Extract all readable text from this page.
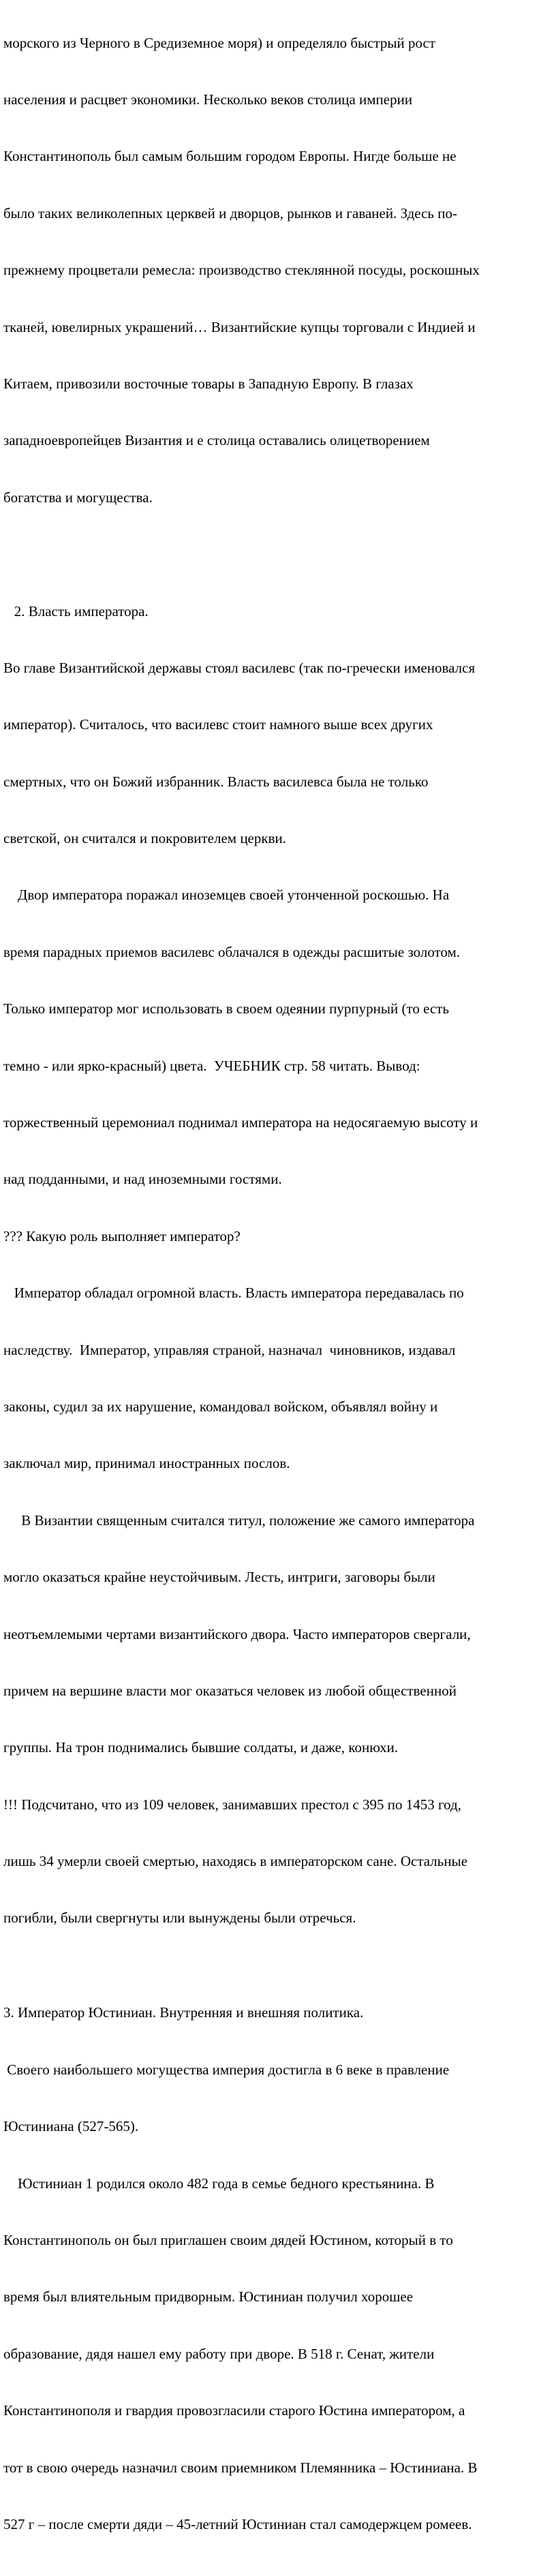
морского из Черного в Средиземное моря) и определяло быстрый рост

населения и расцвет экономики. Несколько веков столица империи

Константинополь был самым большим городом Европы. Нигде больше не

было таких великолепных церквей и дворцов, рынков и гаваней. Здесь по-

прежнему процветали ремесла: производство стеклянной посуды, роскошных

тканей, ювелирных украшений… Византийские купцы торговали с Индией и

Китаем, привозили восточные товары в Западную Европу. В глазах

западноевропейцев Византия и е столица оставались олицетворением

богатства и могущества.

2. Власть императора.

Во главе Византийской державы стоял василевс (так по-гречески именовался

император). Считалось, что василевс стоит намного выше всех других

смертных, что он Божий избранник. Власть василевса была не только

светской, он считался и покровителем церкви.

Двор императора поражал иноземцев своей утонченной роскошью. На

время парадных приемов василевс облачался в одежды расшитые золотом.

Только император мог использовать в своем одеянии пурпурный (то есть

темно - или ярко-красный) цвета.  УЧЕБНИК стр. 58 читать. Вывод:

торжественный церемониал поднимал императора на недосягаемую высоту и

над подданными, и над иноземными гостями.

??? Какую роль выполняет император?

Император обладал огромной власть. Власть императора передавалась по

наследству.  Император, управляя страной, назначал  чиновников, издавал

законы, судил за их нарушение, командовал войском, объявлял войну и

заключал мир, принимал иностранных послов.

В Византии священным считался титул, положение же самого императора

могло оказаться крайне неустойчивым. Лесть, интриги, заговоры были

неотъемлемыми чертами византийского двора. Часто императоров свергали,

причем на вершине власти мог оказаться человек из любой общественной

группы. На трон поднимались бывшие солдаты, и даже, конюхи.

!!! Подсчитано, что из 109 человек, занимавших престол с 395 по 1453 год,

лишь 34 умерли своей смертью, находясь в императорском сане. Остальные

погибли, были свергнуты или вынуждены были отречься.

3. Император Юстиниан. Внутренняя и внешняя политика.

Своего наибольшего могущества империя достигла в 6 веке в правление

Юстиниана (527-565).

Юстиниан 1 родился около 482 года в семье бедного крестьянина. В

Константинополь он был приглашен своим дядей Юстином, который в то

время был влиятельным придворным. Юстиниан получил хорошее

образование, дядя нашел ему работу при дворе. В 518 г. Сенат, жители

Константинополя и гвардия провозгласили старого Юстина императором, а

тот в свою очередь назначил своим приемником Племянника – Юстиниана. В

527 г – после смерти дяди – 45-летний Юстиниан стал самодержцем ромеев.
